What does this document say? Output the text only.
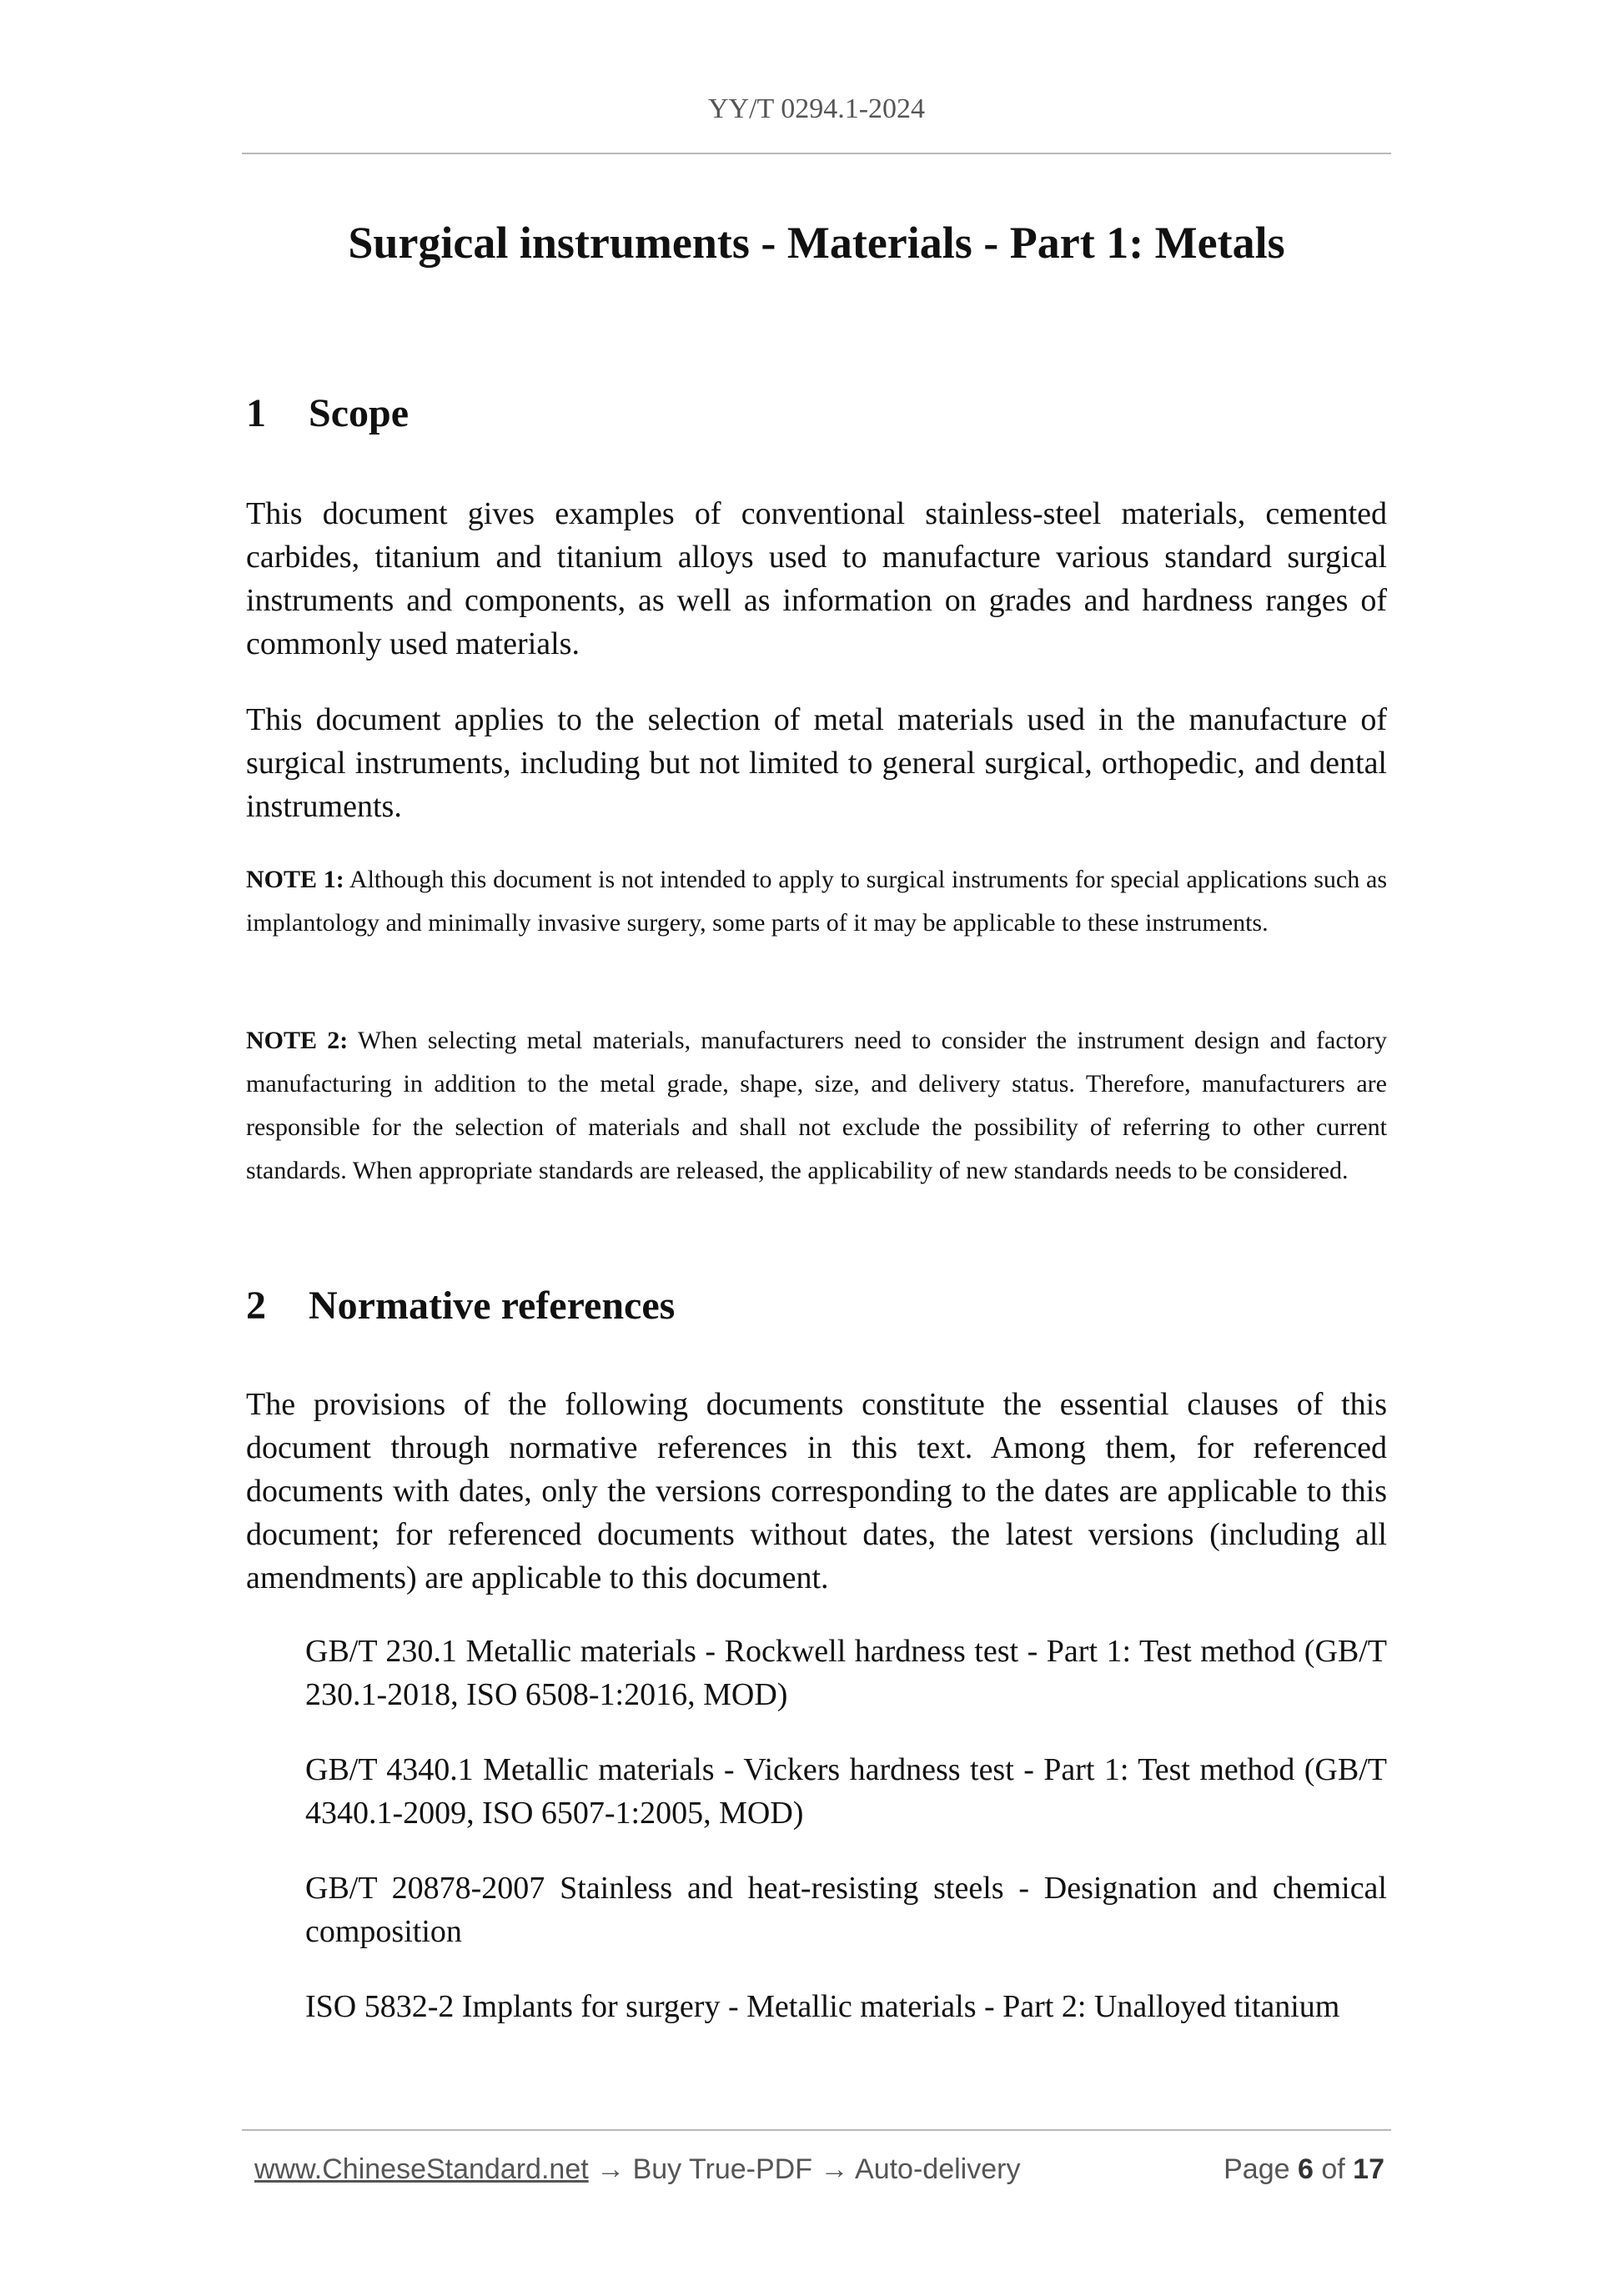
YY/T 0294.1-2024
Surgical instruments - Materials - Part 1: Metals
1	Scope

This document gives examples of conventional stainless-steel materials, cemented carbides, titanium and titanium alloys used to manufacture various standard surgical instruments and components, as well as information on grades and hardness ranges of commonly used materials.

This document applies to the selection of metal materials used in the manufacture of surgical instruments, including but not limited to general surgical, orthopedic, and dental instruments.

NOTE 1: Although this document is not intended to apply to surgical instruments for special applications such as implantology and minimally invasive surgery, some parts of it may be applicable to these instruments.

NOTE 2: When selecting metal materials, manufacturers need to consider the instrument design and factory manufacturing in addition to the metal grade, shape, size, and delivery status. Therefore, manufacturers are responsible for the selection of materials and shall not exclude the possibility of referring to other current standards. When appropriate standards are released, the applicability of new standards needs to be considered.

2	Normative references

The provisions of the following documents constitute the essential clauses of this document through normative references in this text. Among them, for referenced documents with dates, only the versions corresponding to the dates are applicable to this document; for referenced documents without dates, the latest versions (including all amendments) are applicable to this document.

GB/T 230.1 Metallic materials - Rockwell hardness test - Part 1: Test method (GB/T 230.1-2018, ISO 6508-1:2016, MOD)

GB/T 4340.1 Metallic materials - Vickers hardness test - Part 1: Test method (GB/T 4340.1-2009, ISO 6507-1:2005, MOD)

GB/T 20878-2007 Stainless and heat-resisting steels - Designation and chemical composition

ISO 5832-2 Implants for surgery - Metallic materials - Part 2: Unalloyed titanium

www.ChineseStandard.net → Buy True-PDF → Auto-delivery	Page 6 of 17
